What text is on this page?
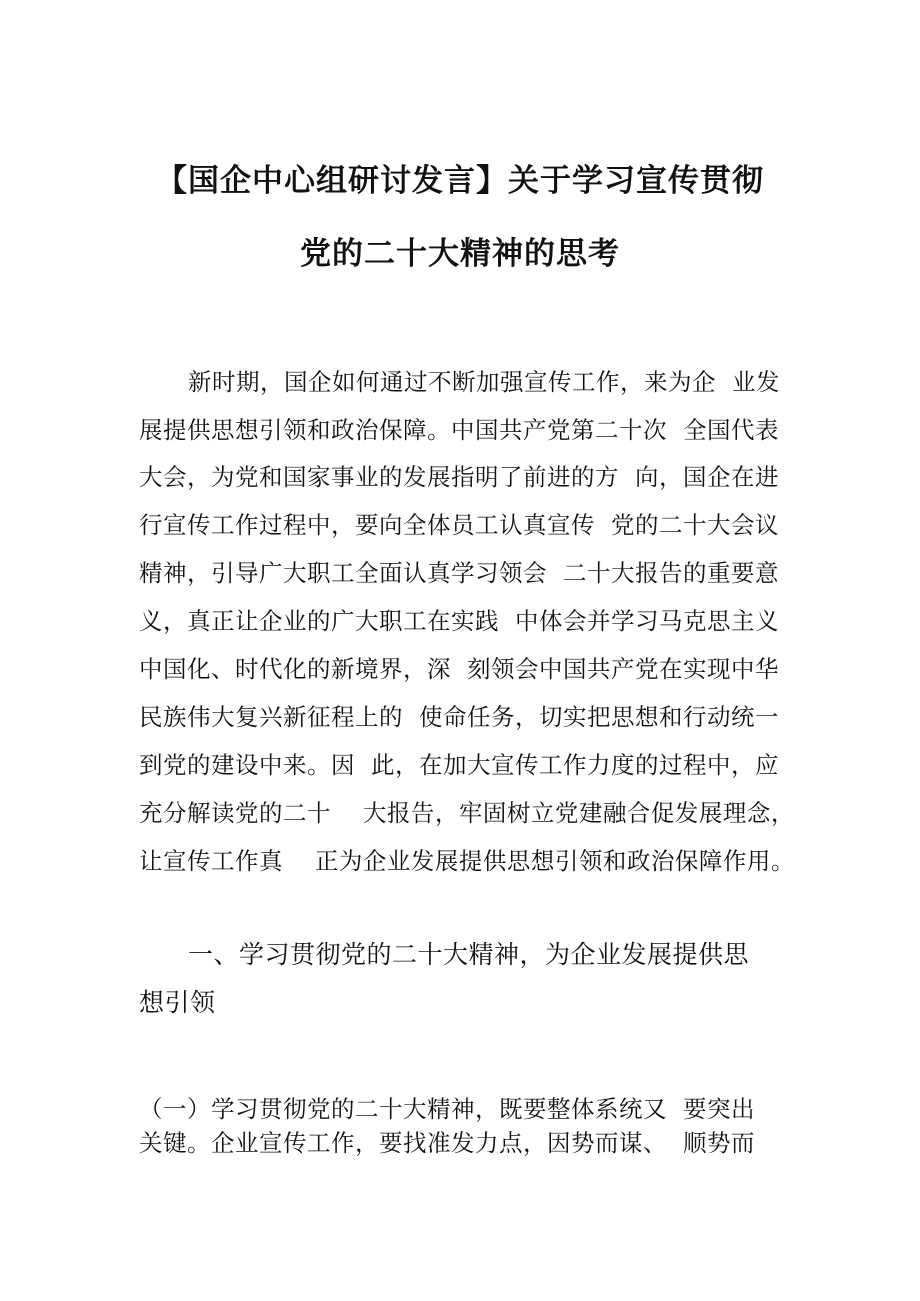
【国企中心组研讨发言】关于学习宣传贯彻
党的二十大精神的思考
新时期，国企如何通过不断加强宣传工作，来为企  业发
展提供思想引领和政治保障。中国共产党第二十次  全国代表
大会，为党和国家事业的发展指明了前进的方  向，国企在进
行宣传工作过程中，要向全体员工认真宣传  党的二十大会议
精神，引导广大职工全面认真学习领会  二十大报告的重要意
义，真正让企业的广大职工在实践  中体会并学习马克思主义
中国化、时代化的新境界，深  刻领会中国共产党在实现中华
民族伟大复兴新征程上的  使命任务，切实把思想和行动统一
到党的建设中来。因  此，在加大宣传工作力度的过程中，应
充分解读党的二十    大报告，牢固树立党建融合促发展理念，
让宣传工作真    正为企业发展提供思想引领和政治保障作用。
一、学习贯彻党的二十大精神，为企业发展提供思
想引领
（一）学习贯彻党的二十大精神，既要整体系统又  要突出
关键。企业宣传工作，要找准发力点，因势而谋、  顺势而
